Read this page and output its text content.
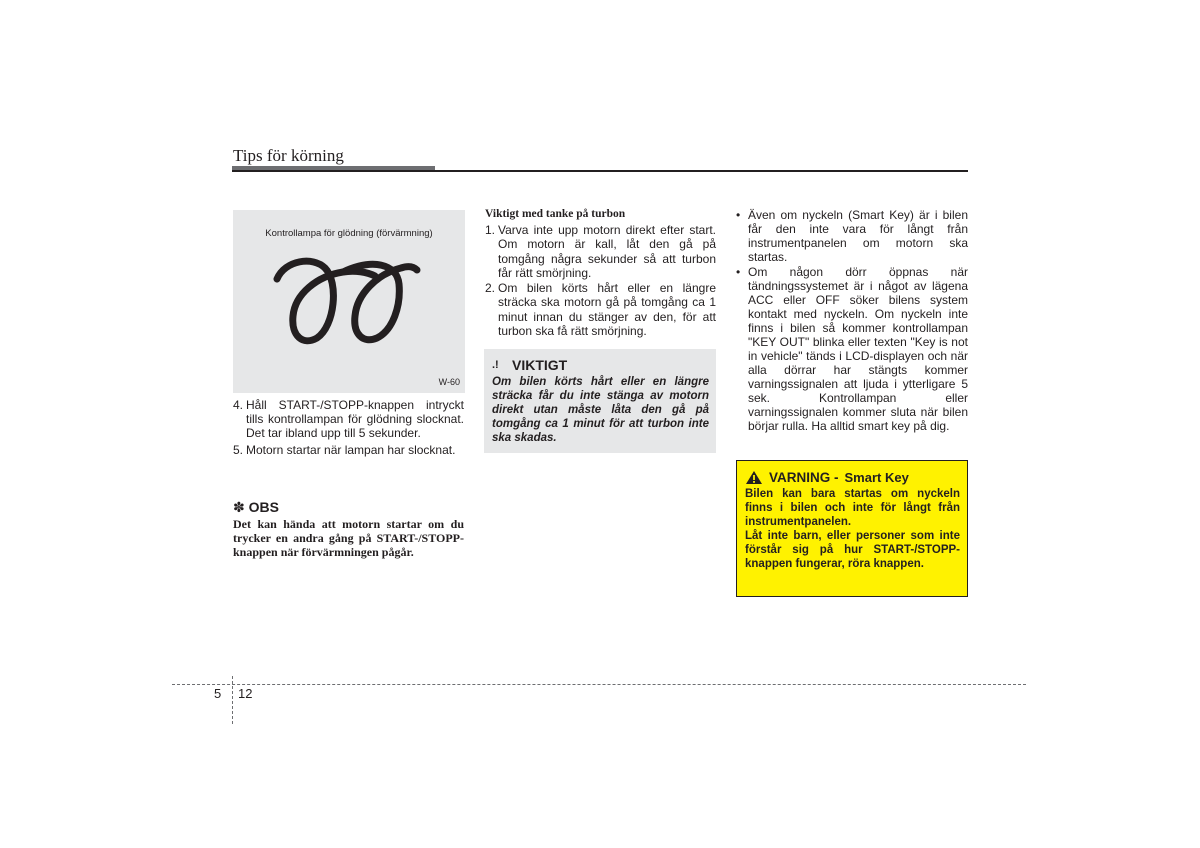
Tips för körning
Kontrollampa för glödning (förvärmning)
W-60
4. Håll START-/STOPP-knappen intryckt tills kontrollampan för glödning slocknat. Det tar ibland upp till 5 sekunder.
5. Motorn startar när lampan har slocknat.
✽ OBS
Det kan hända att motorn startar om du trycker en andra gång på START-/STOPP-knappen när förvärmningen pågår.
Viktigt med tanke på turbon
1. Varva inte upp motorn direkt efter start. Om motorn är kall, låt den gå på tomgång några sekunder så att turbon får rätt smörjning.
2. Om bilen körts hårt eller en längre sträcka ska motorn gå på tomgång ca 1 minut innan du stänger av den, för att turbon ska få rätt smörjning.
.! VIKTIGT
Om bilen körts hårt eller en längre sträcka får du inte stänga av motorn direkt utan måste låta den gå på tomgång ca 1 minut för att turbon inte ska skadas.
• Även om nyckeln (Smart Key) är i bilen får den inte vara för långt från instrumentpanelen om motorn ska startas.
• Om någon dörr öppnas när tändningssystemet är i något av lägena ACC eller OFF söker bilens system kontakt med nyckeln. Om nyckeln inte finns i bilen så kommer kontrollampan "KEY OUT" blinka eller texten "Key is not in vehicle" tänds i LCD-displayen och när alla dörrar har stängts kommer varningssignalen att ljuda i ytterligare 5 sek. Kontrollampan eller varningssignalen kommer sluta när bilen börjar rulla. Ha alltid smart key på dig.
VARNING - Smart Key

Bilen kan bara startas om nyckeln finns i bilen och inte för långt från instrumentpanelen.

Låt inte barn, eller personer som inte förstår sig på hur START-/STOPP-knappen fungerar, röra knappen.

5 12
